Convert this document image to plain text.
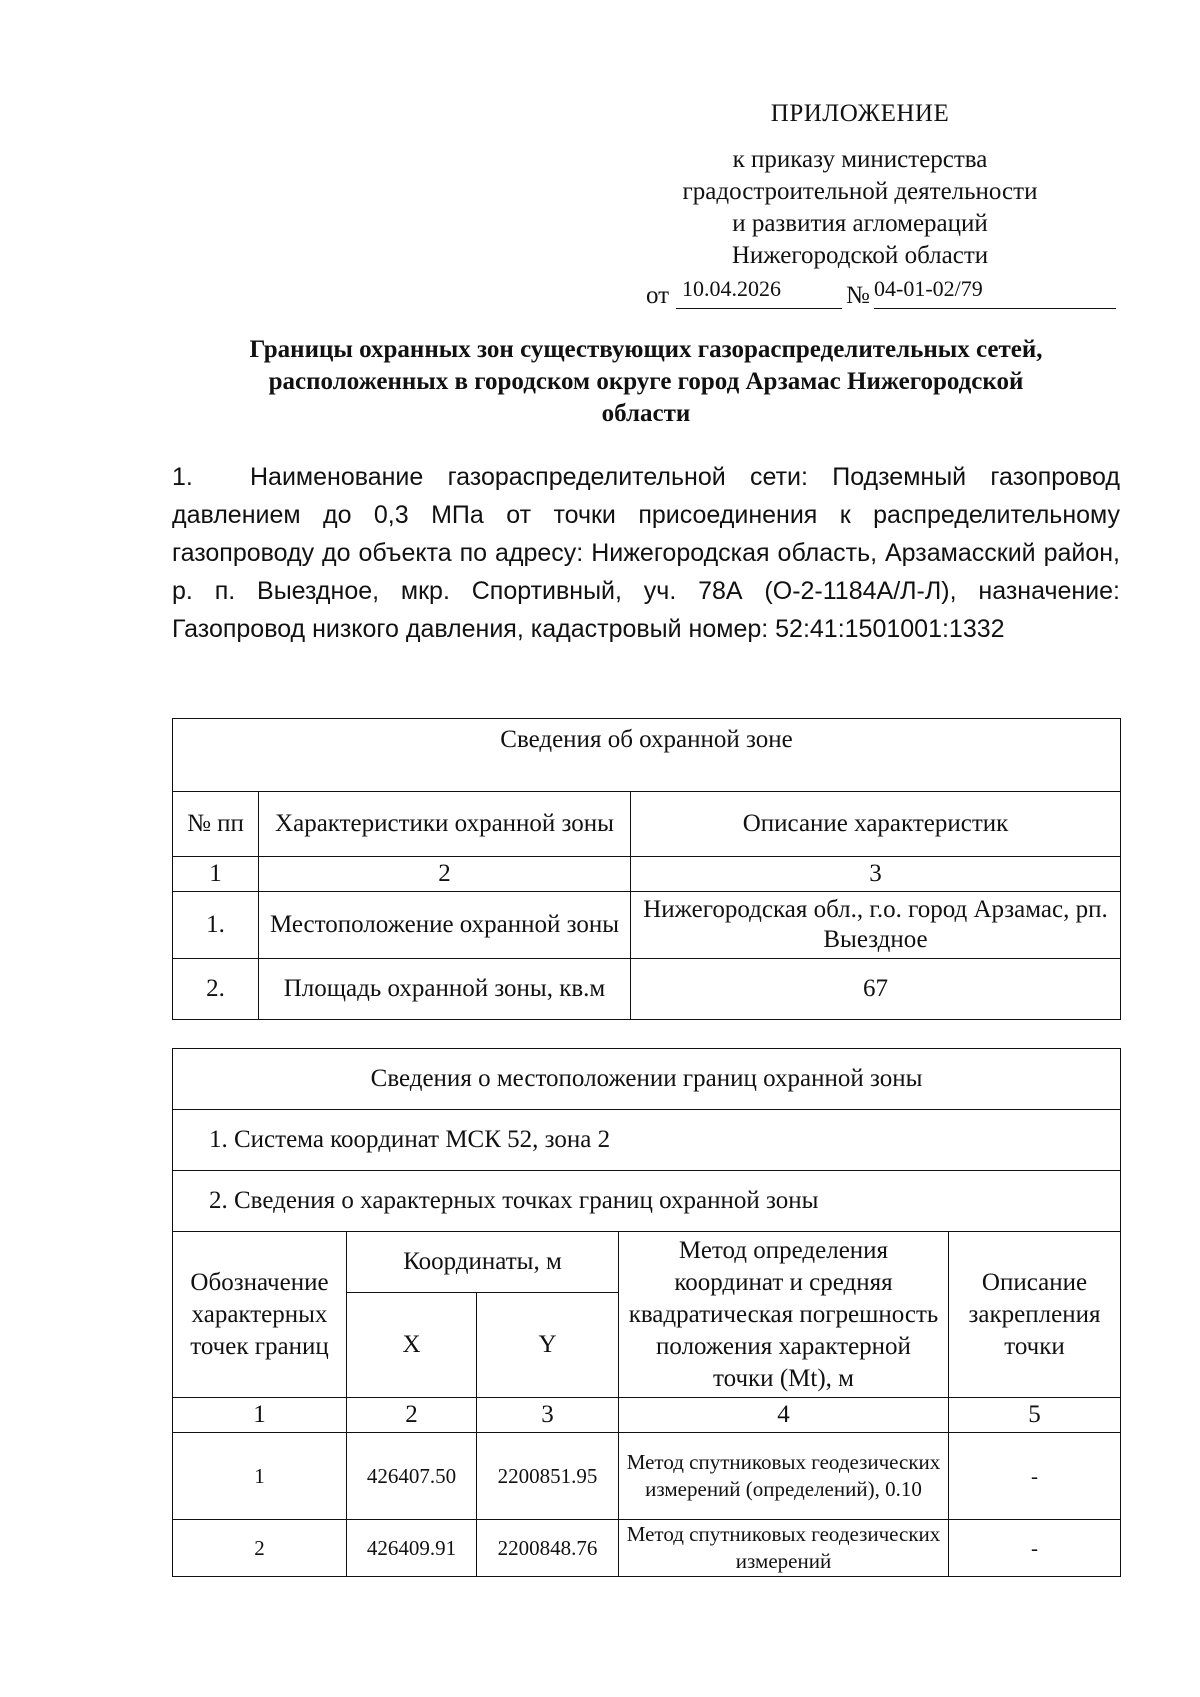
ПРИЛОЖЕНИЕ
к приказу министерства
градостроительной деятельности
и развития агломераций
Нижегородской области
от 10.04.2026	№ 04-01-02/79
Границы охранных зон существующих газораспределительных сетей,
расположенных в городском округе город Арзамас Нижегородской
области
1. Наименование газораспределительной сети: Подземный газопровод давлением до 0,3 МПа от точки присоединения к распределительному газопроводу до объекта по адресу: Нижегородская область, Арзамасский район, р. п. Выездное, мкр. Спортивный, уч. 78А (О-2-1184А/Л-Л), назначение: Газопровод низкого давления, кадастровый номер: 52:41:1501001:1332
Сведения об охранной зоне		
№ пп	Характеристики охранной зоны	Описание характеристик
1	2	3
1.	Местоположение охранной зоны	Нижегородская обл., г.о. город Арзамас, рп. Выездное
2.	Площадь охранной зоны, кв.м	67
Сведения о местоположении границ охранной зоны				
1. Система координат МСК 52, зона 2				
2. Сведения о характерных точках границ охранной зоны				
Обозначение характерных точек границ	Координаты, м		Метод определения координат и средняя квадратическая погрешность положения характерной точки (Mt), м	Описание закрепления точки
	X	Y		
1	2	3	4	5
1	426407.50	2200851.95	Метод спутниковых геодезических измерений (определений), 0.10	-
2	426409.91	2200848.76	Метод спутниковых геодезических измерений	-
